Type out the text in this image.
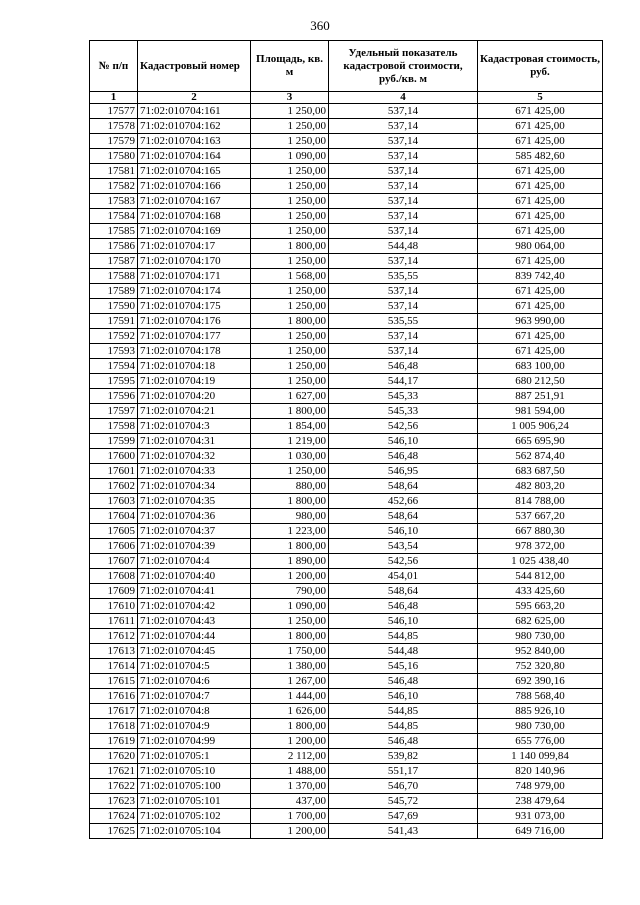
360
№ п/п	Кадастровый номер	Площадь, кв. м	Удельный показатель кадастровой стоимости, руб./кв. м	Кадастровая стоимость, руб.
1	2	3	4	5
17577	71:02:010704:161	1 250,00	537,14	671 425,00
17578	71:02:010704:162	1 250,00	537,14	671 425,00
17579	71:02:010704:163	1 250,00	537,14	671 425,00
17580	71:02:010704:164	1 090,00	537,14	585 482,60
17581	71:02:010704:165	1 250,00	537,14	671 425,00
17582	71:02:010704:166	1 250,00	537,14	671 425,00
17583	71:02:010704:167	1 250,00	537,14	671 425,00
17584	71:02:010704:168	1 250,00	537,14	671 425,00
17585	71:02:010704:169	1 250,00	537,14	671 425,00
17586	71:02:010704:17	1 800,00	544,48	980 064,00
17587	71:02:010704:170	1 250,00	537,14	671 425,00
17588	71:02:010704:171	1 568,00	535,55	839 742,40
17589	71:02:010704:174	1 250,00	537,14	671 425,00
17590	71:02:010704:175	1 250,00	537,14	671 425,00
17591	71:02:010704:176	1 800,00	535,55	963 990,00
17592	71:02:010704:177	1 250,00	537,14	671 425,00
17593	71:02:010704:178	1 250,00	537,14	671 425,00
17594	71:02:010704:18	1 250,00	546,48	683 100,00
17595	71:02:010704:19	1 250,00	544,17	680 212,50
17596	71:02:010704:20	1 627,00	545,33	887 251,91
17597	71:02:010704:21	1 800,00	545,33	981 594,00
17598	71:02:010704:3	1 854,00	542,56	1 005 906,24
17599	71:02:010704:31	1 219,00	546,10	665 695,90
17600	71:02:010704:32	1 030,00	546,48	562 874,40
17601	71:02:010704:33	1 250,00	546,95	683 687,50
17602	71:02:010704:34	880,00	548,64	482 803,20
17603	71:02:010704:35	1 800,00	452,66	814 788,00
17604	71:02:010704:36	980,00	548,64	537 667,20
17605	71:02:010704:37	1 223,00	546,10	667 880,30
17606	71:02:010704:39	1 800,00	543,54	978 372,00
17607	71:02:010704:4	1 890,00	542,56	1 025 438,40
17608	71:02:010704:40	1 200,00	454,01	544 812,00
17609	71:02:010704:41	790,00	548,64	433 425,60
17610	71:02:010704:42	1 090,00	546,48	595 663,20
17611	71:02:010704:43	1 250,00	546,10	682 625,00
17612	71:02:010704:44	1 800,00	544,85	980 730,00
17613	71:02:010704:45	1 750,00	544,48	952 840,00
17614	71:02:010704:5	1 380,00	545,16	752 320,80
17615	71:02:010704:6	1 267,00	546,48	692 390,16
17616	71:02:010704:7	1 444,00	546,10	788 568,40
17617	71:02:010704:8	1 626,00	544,85	885 926,10
17618	71:02:010704:9	1 800,00	544,85	980 730,00
17619	71:02:010704:99	1 200,00	546,48	655 776,00
17620	71:02:010705:1	2 112,00	539,82	1 140 099,84
17621	71:02:010705:10	1 488,00	551,17	820 140,96
17622	71:02:010705:100	1 370,00	546,70	748 979,00
17623	71:02:010705:101	437,00	545,72	238 479,64
17624	71:02:010705:102	1 700,00	547,69	931 073,00
17625	71:02:010705:104	1 200,00	541,43	649 716,00
